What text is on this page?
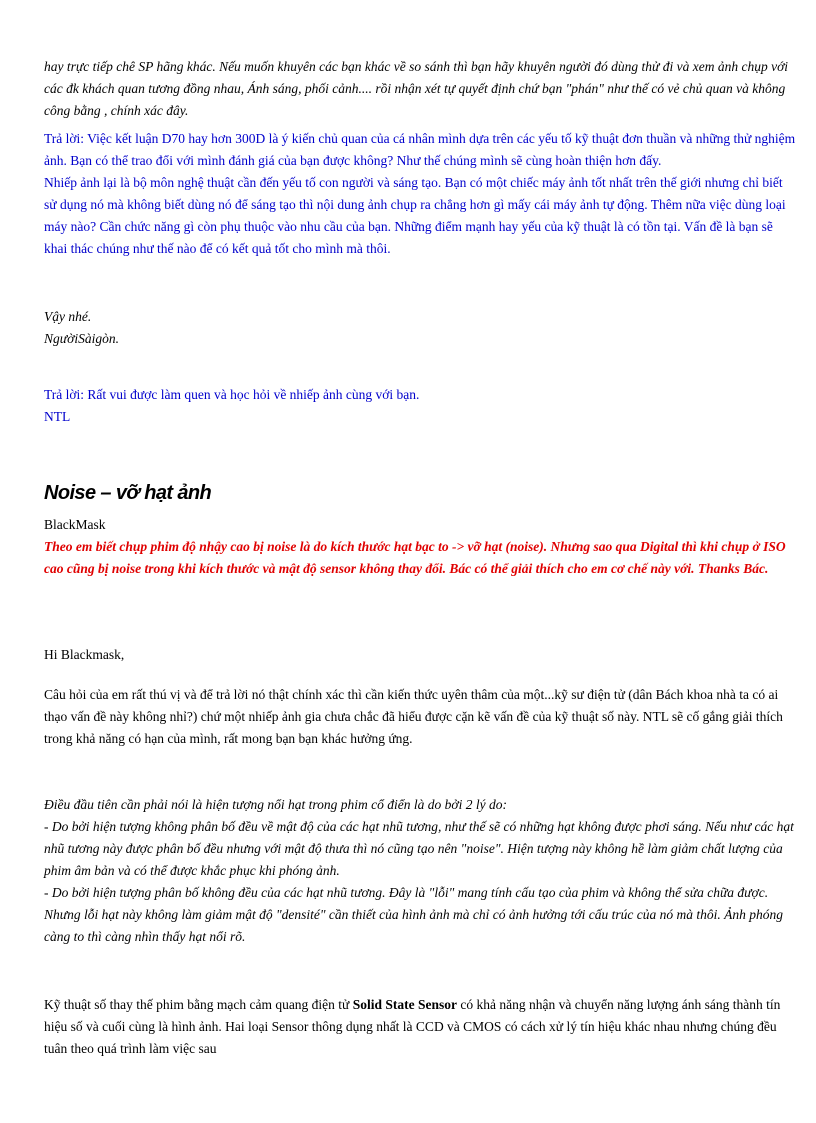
hay trực tiếp chê SP hãng khác. Nếu muốn khuyên các bạn khác về so sánh thì bạn hãy khuyên người đó dùng thử đi và xem ảnh chụp với các đk khách quan tương đồng nhau, Ánh sáng, phối cảnh.... rồi nhận xét tự quyết định chứ bạn "phán" như thế có vẻ chủ quan và không công bằng , chính xác đây.

Trả lời: Việc kết luận D70 hay hơn 300D là ý kiến chủ quan của cá nhân mình dựa trên các yếu tố kỹ thuật đơn thuần và những thử nghiệm ảnh. Bạn có thể trao đổi với mình đánh giá của bạn được không? Như thế chúng mình sẽ cùng hoàn thiện hơn đấy.

Nhiếp ảnh lại là bộ môn nghệ thuật cần đến yếu tố con người và sáng tạo. Bạn có một chiếc máy ảnh tốt nhất trên thế giới nhưng chỉ biết sử dụng nó mà không biết dùng nó để sáng tạo thì nội dung ảnh chụp ra chẳng hơn gì mấy cái máy ảnh tự động. Thêm nữa việc dùng loại máy nào? Cần chức năng gì còn phụ thuộc vào nhu cầu của bạn. Những điểm mạnh hay yếu của kỹ thuật là có tồn tại. Vấn đề là bạn sẽ khai thác chúng như thế nào để có kết quả tốt cho mình mà thôi.

Vậy nhé.

NgườiSàigòn.

Trả lời: Rất vui được làm quen và học hỏi về nhiếp ảnh cùng với bạn.

NTL

Noise – vỡ hạt ảnh

BlackMask

Theo em biết chụp phim độ nhậy cao bị noise là do kích thước hạt bạc to -> vỡ hạt (noise). Nhưng sao qua Digital thì khi chụp ở ISO cao cũng bị noise trong khi kích thước và mật độ sensor không thay đổi. Bác có thể giải thích cho em cơ chế này với. Thanks Bác.

Hi Blackmask,

Câu hỏi của em rất thú vị và để trả lời nó thật chính xác thì cần kiến thức uyên thâm của một...kỹ sư điện tử (dân Bách khoa nhà ta có ai thạo vấn đề này không nhỉ?) chứ một nhiếp ảnh gia chưa chắc đã hiểu được cặn kẽ vấn đề của kỹ thuật số này. NTL sẽ cố gắng giải thích trong khả năng có hạn của mình, rất mong bạn bạn khác hưởng ứng.

Điều đầu tiên cần phải nói là hiện tượng nổi hạt trong phim cổ điển là do bởi 2 lý do:

- Do bởi hiện tượng không phân bố đều về mật độ của các hạt nhũ tương, như thế sẽ có những hạt không được phơi sáng. Nếu như các hạt nhũ tương này được phân bố đều nhưng với mật độ thưa thì nó cũng tạo nên "noise". Hiện tượng này không hề làm giảm chất lượng của phim âm bản và có thể được khắc phục khi phóng ảnh.

- Do bởi hiện tượng phân bố không đều của các hạt nhũ tương. Đây là "lỗi" mang tính cấu tạo của phim và không thể sửa chữa được. Nhưng lỗi hạt này không làm giảm mật độ "densité" cần thiết của hình ảnh mà chỉ có ảnh hưởng tới cấu trúc của nó mà thôi. Ảnh phóng càng to thì càng nhìn thấy hạt nổi rõ.

Kỹ thuật số thay thế phim bằng mạch cảm quang điện tử Solid State Sensor có khả năng nhận và chuyển năng lượng ánh sáng thành tín hiệu số và cuối cùng là hình ảnh. Hai loại Sensor thông dụng nhất là CCD và CMOS có cách xử lý tín hiệu khác nhau nhưng chúng đều tuân theo quá trình làm việc sau
